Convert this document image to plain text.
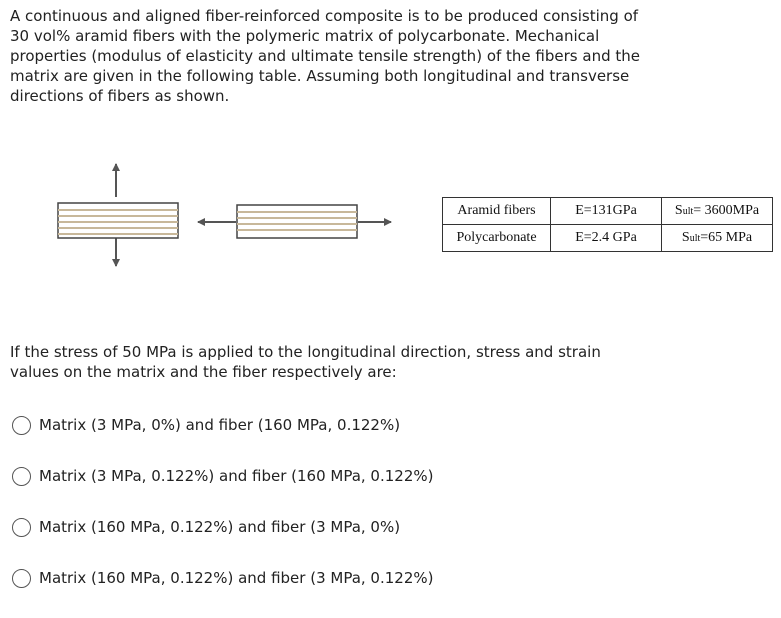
A continuous and aligned fiber-reinforced composite is to be produced consisting of
30 vol% aramid fibers with the polymeric matrix of polycarbonate. Mechanical
properties (modulus of elasticity and ultimate tensile strength) of the fibers and the
matrix are given in the following table. Assuming both longitudinal and transverse
directions of fibers as shown.

Aramid fibers	E=131GPa	Sult= 3600MPa
Polycarbonate	E=2.4 GPa	Sult=65 MPa

If the stress of 50 MPa is applied to the longitudinal direction, stress and strain
values on the matrix and the fiber respectively are:

Matrix (3 MPa, 0%) and fiber (160 MPa, 0.122%)
Matrix (3 MPa, 0.122%) and fiber (160 MPa, 0.122%)
Matrix (160 MPa, 0.122%) and fiber (3 MPa, 0%)
Matrix (160 MPa, 0.122%) and fiber (3 MPa, 0.122%)
